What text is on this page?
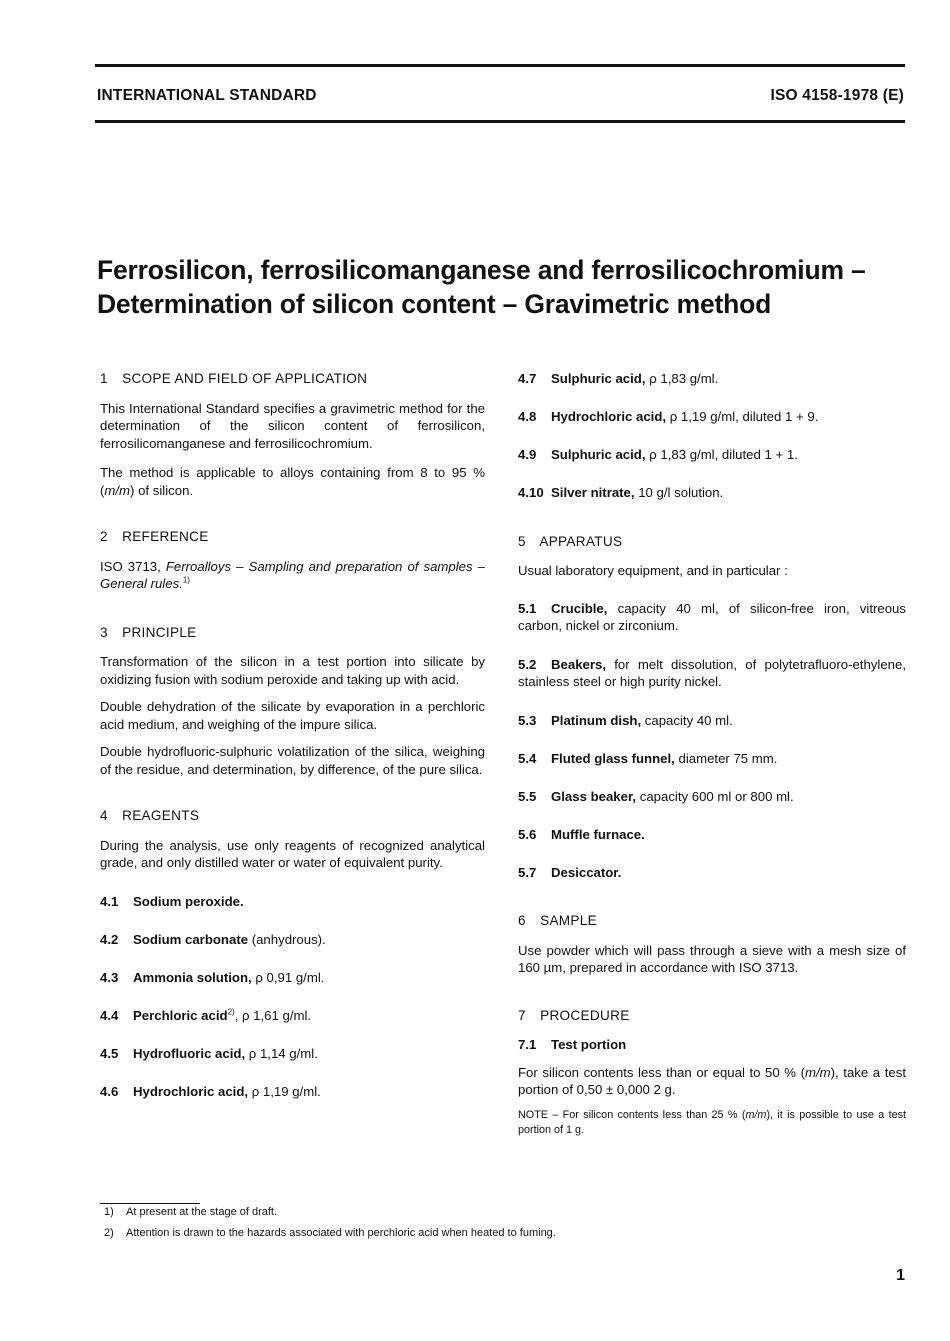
INTERNATIONAL STANDARD	ISO 4158-1978 (E)
Ferrosilicon, ferrosilicomanganese and ferrosilicochromium –
Determination of silicon content – Gravimetric method
1 SCOPE AND FIELD OF APPLICATION

This International Standard specifies a gravimetric method for the determination of the silicon content of ferrosilicon, ferrosilicomanganese and ferrosilicochromium.

The method is applicable to alloys containing from 8 to 95 % (m/m) of silicon.

2 REFERENCE

ISO 3713, Ferroalloys – Sampling and preparation of samples – General rules.$^{1)}$

3 PRINCIPLE

Transformation of the silicon in a test portion into silicate by oxidizing fusion with sodium peroxide and taking up with acid.

Double dehydration of the silicate by evaporation in a perchloric acid medium, and weighing of the impure silica.

Double hydrofluoric-sulphuric volatilization of the silica, weighing of the residue, and determination, by difference, of the pure silica.

4 REAGENTS

During the analysis, use only reagents of recognized analytical grade, and only distilled water or water of equivalent purity.

4.1 Sodium peroxide.
4.2 Sodium carbonate (anhydrous).
4.3 Ammonia solution, ρ 0,91 g/ml.
4.4 Perchloric acid$^{2)}$, ρ 1,61 g/ml.
4.5 Hydrofluoric acid, ρ 1,14 g/ml.
4.6 Hydrochloric acid, ρ 1,19 g/ml.
4.7 Sulphuric acid, ρ 1,83 g/ml.
4.8 Hydrochloric acid, ρ 1,19 g/ml, diluted 1 + 9.
4.9 Sulphuric acid, ρ 1,83 g/ml, diluted 1 + 1.
4.10 Silver nitrate, 10 g/l solution.
5 APPARATUS

Usual laboratory equipment, and in particular :

5.1 Crucible, capacity 40 ml, of silicon-free iron, vitreous carbon, nickel or zirconium.

5.2 Beakers, for melt dissolution, of polytetrafluoro-ethylene, stainless steel or high purity nickel.

5.3 Platinum dish, capacity 40 ml.
5.4 Fluted glass funnel, diameter 75 mm.
5.5 Glass beaker, capacity 600 ml or 800 ml.
5.6 Muffle furnace.
5.7 Desiccator.
6 SAMPLE

Use powder which will pass through a sieve with a mesh size of 160 µm, prepared in accordance with ISO 3713.

7 PROCEDURE
7.1 Test portion

For silicon contents less than or equal to 50 % (m/m), take a test portion of 0,50 ± 0,000 2 g.

NOTE – For silicon contents less than 25 % (m/m), it is possible to use a test portion of 1 g.

1) At present at the stage of draft.
2) Attention is drawn to the hazards associated with perchloric acid when heated to fuming.
1
